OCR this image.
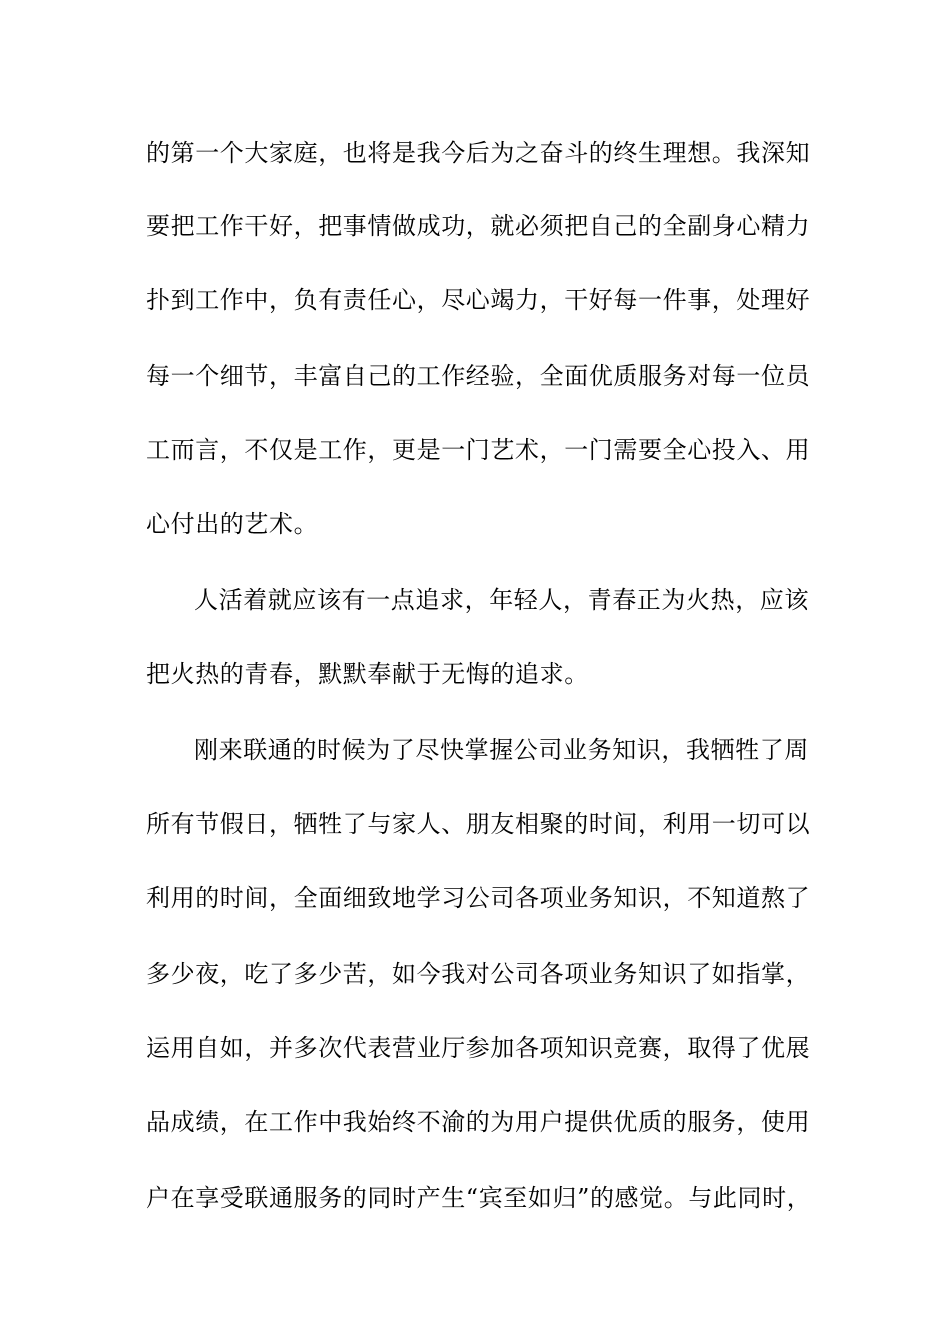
的第一个大家庭，也将是我今后为之奋斗的终生理想。我深知
要把工作干好，把事情做成功，就必须把自己的全副身心精力
扑到工作中，负有责任心，尽心竭力，干好每一件事，处理好
每一个细节，丰富自己的工作经验，全面优质服务对每一位员
工而言，不仅是工作，更是一门艺术，一门需要全心投入、用
心付出的艺术。
人活着就应该有一点追求，年轻人，青春正为火热，应该
把火热的青春，默默奉献于无悔的追求。
刚来联通的时候为了尽快掌握公司业务知识，我牺牲了周
所有节假日，牺牲了与家人、朋友相聚的时间，利用一切可以
利用的时间，全面细致地学习公司各项业务知识，不知道熬了
多少夜，吃了多少苦，如今我对公司各项业务知识了如指掌，
运用自如，并多次代表营业厅参加各项知识竞赛，取得了优展
品成绩，在工作中我始终不渝的为用户提供优质的服务，使用
户在享受联通服务的同时产生“宾至如归”的感觉。与此同时，
